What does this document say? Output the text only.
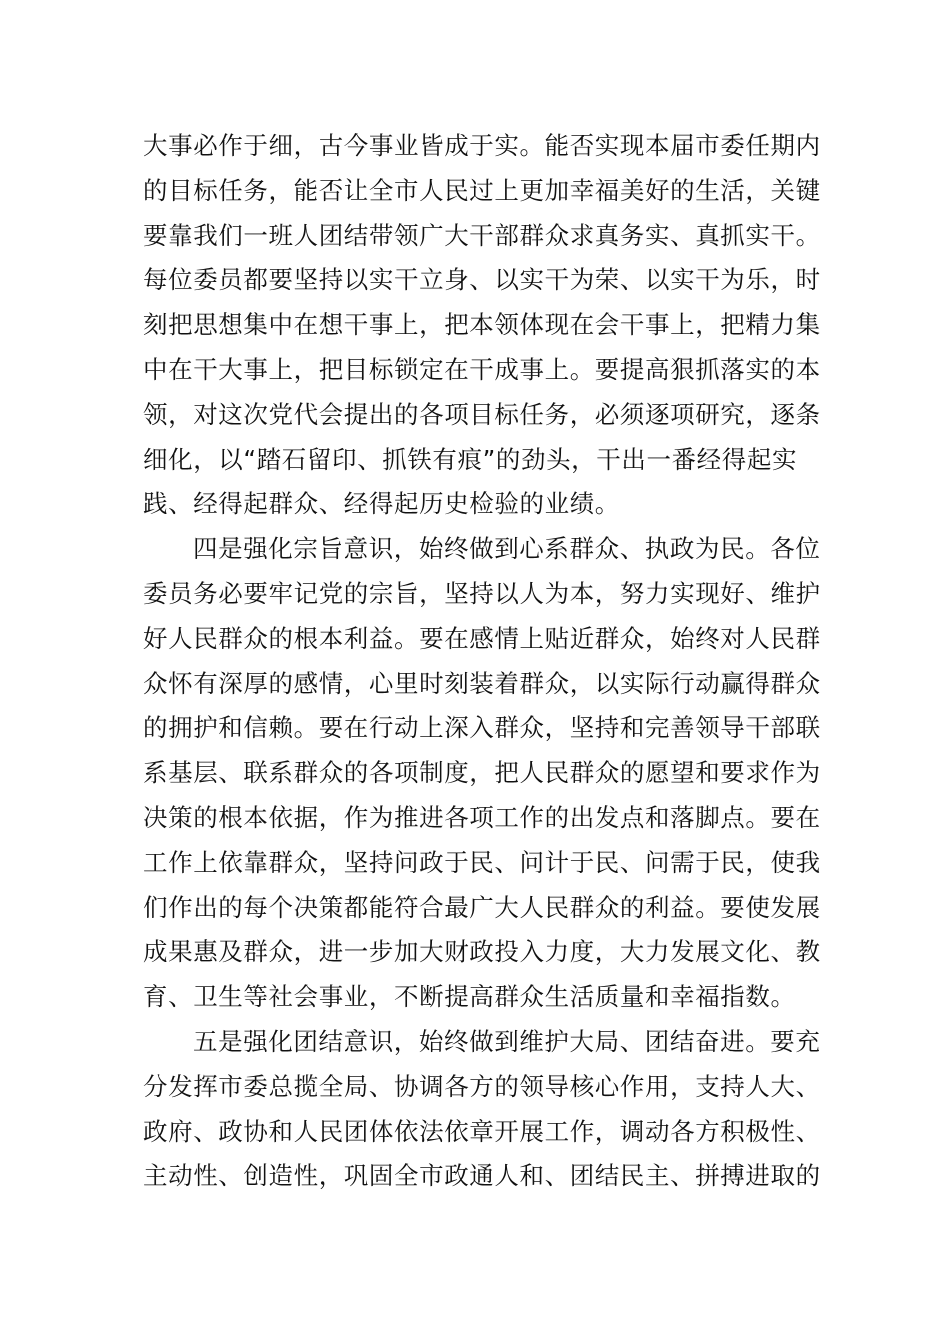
大事必作于细，古今事业皆成于实。能否实现本届市委任期内
的目标任务，能否让全市人民过上更加幸福美好的生活，关键
要靠我们一班人团结带领广大干部群众求真务实、真抓实干。
每位委员都要坚持以实干立身、以实干为荣、以实干为乐，时
刻把思想集中在想干事上，把本领体现在会干事上，把精力集
中在干大事上，把目标锁定在干成事上。要提高狠抓落实的本
领，对这次党代会提出的各项目标任务，必须逐项研究，逐条
细化，以“踏石留印、抓铁有痕”的劲头，干出一番经得起实
践、经得起群众、经得起历史检验的业绩。
四是强化宗旨意识，始终做到心系群众、执政为民。各位
委员务必要牢记党的宗旨，坚持以人为本，努力实现好、维护
好人民群众的根本利益。要在感情上贴近群众，始终对人民群
众怀有深厚的感情，心里时刻装着群众，以实际行动赢得群众
的拥护和信赖。要在行动上深入群众，坚持和完善领导干部联
系基层、联系群众的各项制度，把人民群众的愿望和要求作为
决策的根本依据，作为推进各项工作的出发点和落脚点。要在
工作上依靠群众，坚持问政于民、问计于民、问需于民，使我
们作出的每个决策都能符合最广大人民群众的利益。要使发展
成果惠及群众，进一步加大财政投入力度，大力发展文化、教
育、卫生等社会事业，不断提高群众生活质量和幸福指数。
五是强化团结意识，始终做到维护大局、团结奋进。要充
分发挥市委总揽全局、协调各方的领导核心作用，支持人大、
政府、政协和人民团体依法依章开展工作，调动各方积极性、
主动性、创造性，巩固全市政通人和、团结民主、拼搏进取的
